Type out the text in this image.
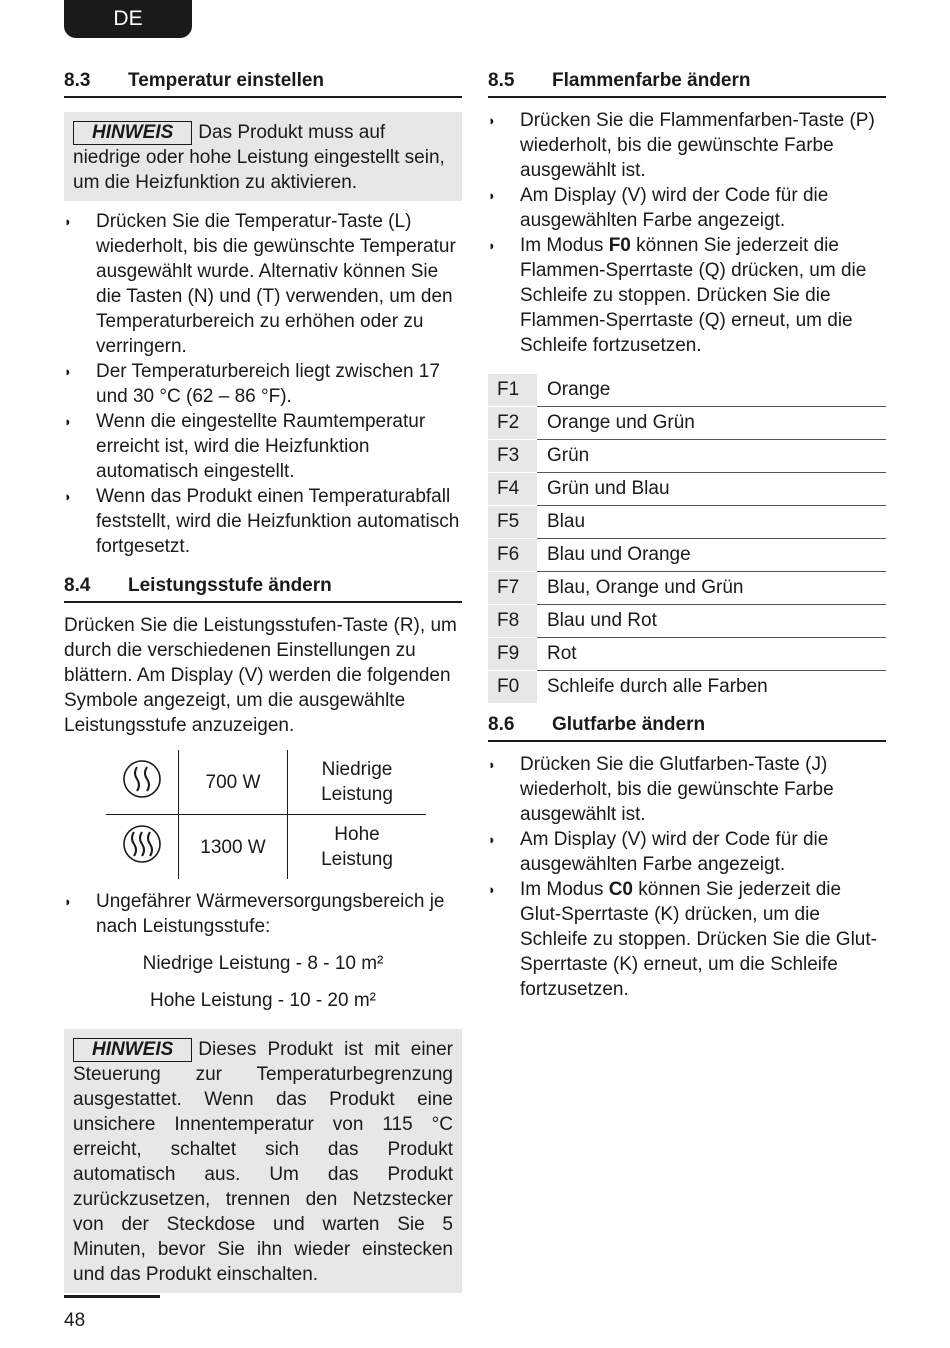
DE
8.3	Temperatur einstellen
HINWEIS Das Produkt muss auf niedrige oder hohe Leistung eingestellt sein, um die Heizfunktion zu aktivieren.
◗ Drücken Sie die Temperatur-Taste (L) wiederholt, bis die gewünschte Temperatur ausgewählt wurde. Alternativ können Sie die Tasten (N) und (T) verwenden, um den Temperaturbereich zu erhöhen oder zu verringern.
◗ Der Temperaturbereich liegt zwischen 17 und 30 °C (62 – 86 °F).
◗ Wenn die eingestellte Raumtemperatur erreicht ist, wird die Heizfunktion automatisch eingestellt.
◗ Wenn das Produkt einen Temperaturabfall feststellt, wird die Heizfunktion automatisch fortgesetzt.
8.4	Leistungsstufe ändern

Drücken Sie die Leistungsstufen-Taste (R), um durch die verschiedenen Einstellungen zu blättern. Am Display (V) werden die folgenden Symbole angezeigt, um die ausgewählte Leistungsstufe anzuzeigen.

	700 W	Niedrige Leistung
	1300 W	Hohe Leistung
◗ Ungefährer Wärmeversorgungsbereich je nach Leistungsstufe:
Niedrige Leistung - 8 - 10 m²
Hohe Leistung - 10 - 20 m²
HINWEIS Dieses Produkt ist mit einer Steuerung zur Temperaturbegrenzung ausgestattet. Wenn das Produkt eine unsichere Innentemperatur von 115 °C erreicht, schaltet sich das Produkt automatisch aus. Um das Produkt zurückzusetzen, trennen den Netzstecker von der Steckdose und warten Sie 5 Minuten, bevor Sie ihn wieder einstecken und das Produkt einschalten.
8.5	Flammenfarbe ändern
◗ Drücken Sie die Flammenfarben-Taste (P) wiederholt, bis die gewünschte Farbe ausgewählt ist.
◗ Am Display (V) wird der Code für die ausgewählten Farbe angezeigt.
◗ Im Modus F0 können Sie jederzeit die Flammen-Sperrtaste (Q) drücken, um die Schleife zu stoppen. Drücken Sie die Flammen-Sperrtaste (Q) erneut, um die Schleife fortzusetzen.
F1	Orange
F2	Orange und Grün
F3	Grün
F4	Grün und Blau
F5	Blau
F6	Blau und Orange
F7	Blau, Orange und Grün
F8	Blau und Rot
F9	Rot
F0	Schleife durch alle Farben
8.6	Glutfarbe ändern
◗ Drücken Sie die Glutfarben-Taste (J) wiederholt, bis die gewünschte Farbe ausgewählt ist.
◗ Am Display (V) wird der Code für die ausgewählten Farbe angezeigt.
◗ Im Modus C0 können Sie jederzeit die Glut-Sperrtaste (K) drücken, um die Schleife zu stoppen. Drücken Sie die Glut-Sperrtaste (K) erneut, um die Schleife fortzusetzen.
48
